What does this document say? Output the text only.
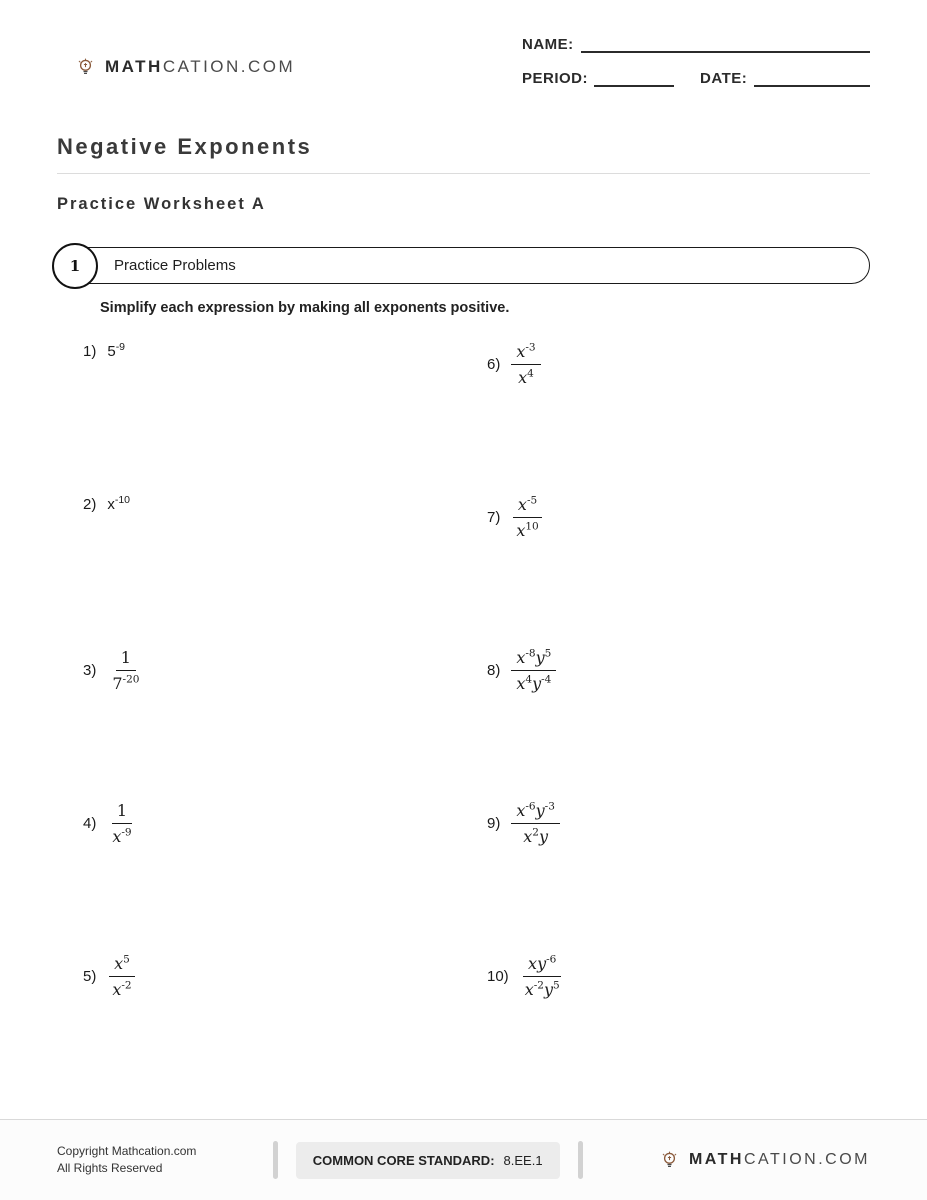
MATHCATION.COM
NAME:
PERIOD:	DATE:
Negative Exponents
Practice Worksheet A
1	Practice Problems
Simplify each expression by making all exponents positive.
1) $5^{-9}$
2) $x^{-10}$
$3) \frac{1}{7^{-20}}$
$4) \frac{1}{x^{-9}}$
$5) \frac{x^5}{x^{-2}}$
$6) \frac{x^{-3}}{x^4}$
$7) \frac{x^{-5}}{x^{10}}$
$8) \frac{x^{-8}y^5}{x^4y^{-4}}$
$9) \frac{x^{-6}y^{-3}}{x^2y}$
$10) \frac{xy^{-6}}{x^{-2}y^5}$
Copyright Mathcation.com
All Rights Reserved
COMMON CORE STANDARD: 8.EE.1	MATHCATION.COM
